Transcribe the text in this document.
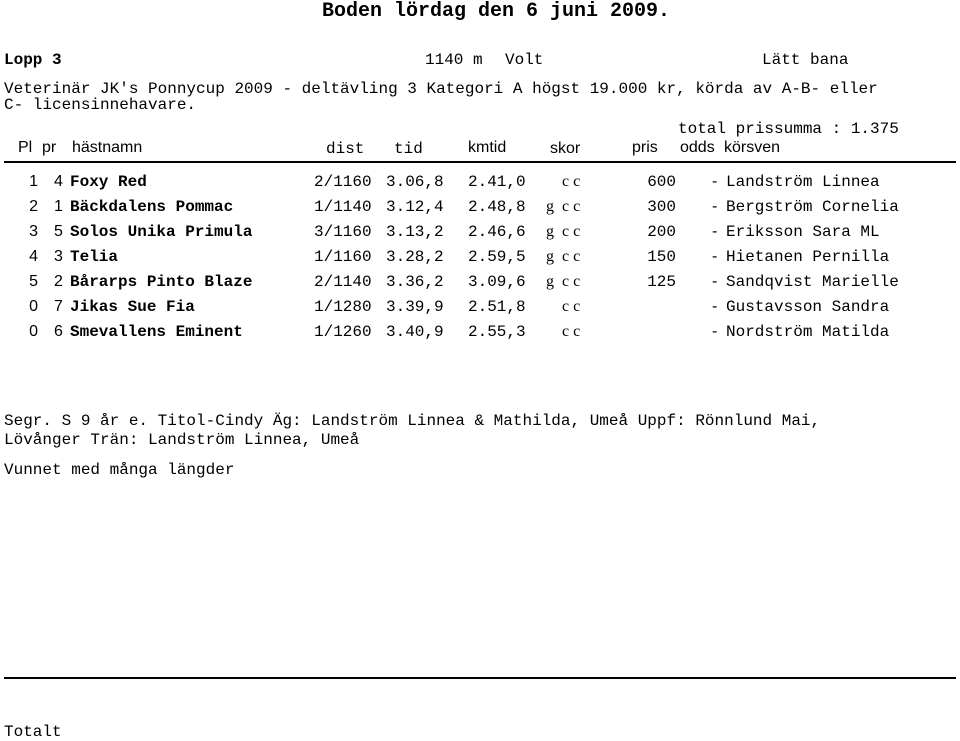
Boden lördag den 6 juni 2009.
Lopp 3	1140 m Volt	Lätt bana
Veterinär JK's Ponnycup 2009 - deltävling 3 Kategori A högst 19.000 kr, körda av A-B- eller
C- licensinnehavare.
total prissumma : 1.375
Pl pr hästnamn	dist tid	kmtid	skor	pris odds körsven
1 4 Foxy Red	2/1160 3.06,8 2.41,0 c c	600 - Landström Linnea
2 1 Bäckdalens Pommac	1/1140 3.12,4 2.48,8 g c c	300 - Bergström Cornelia
3 5 Solos Unika Primula	3/1160 3.13,2 2.46,6 g c c	200 - Eriksson Sara ML
4 3 Telia	1/1160 3.28,2 2.59,5 g c c	150 - Hietanen Pernilla
5 2 Bårarps Pinto Blaze	2/1140 3.36,2 3.09,6 g c c	125 - Sandqvist Marielle
0 7 Jikas Sue Fia	1/1280 3.39,9 2.51,8 c c	- Gustavsson Sandra
0 6 Smevallens Eminent	1/1260 3.40,9 2.55,3 c c	- Nordström Matilda
Segr. S 9 år e. Titol-Cindy Äg: Landström Linnea & Mathilda, Umeå Uppf: Rönnlund Mai,
Lövånger Trän: Landström Linnea, Umeå
Vunnet med många längder
Totalt
